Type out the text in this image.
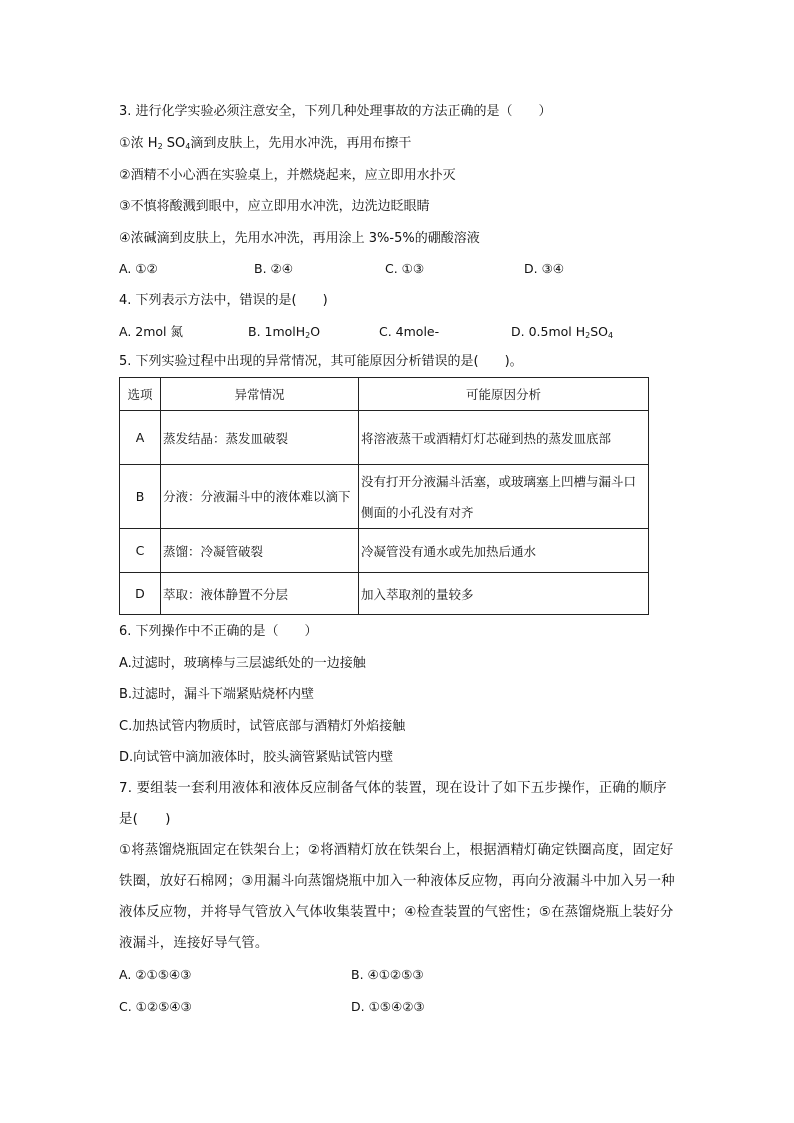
3. 进行化学实验必须注意安全，下列几种处理事故的方法正确的是（　　）
①浓 $H_2$ $SO_4$滴到皮肤上，先用水冲洗，再用布擦干
②酒精不小心洒在实验桌上，并燃烧起来，应立即用水扑灭
③不慎将酸溅到眼中，应立即用水冲洗，边洗边眨眼睛
④浓碱滴到皮肤上，先用水冲洗，再用涂上 3%-5%的硼酸溶液
A. ①②	B. ②④	C. ①③	D. ③④
4. 下列表示方法中，错误的是(　　)
A. 2mol 氮	B. 1molH$_2$O	C. 4mole-	D. 0.5mol $H_2SO_4$
5. 下列实验过程中出现的异常情况，其可能原因分析错误的是(　　)。
选项	异常情况	可能原因分析
A	蒸发结晶：蒸发皿破裂	将溶液蒸干或酒精灯灯芯碰到热的蒸发皿底部
B	分液：分液漏斗中的液体难以滴下	没有打开分液漏斗活塞，或玻璃塞上凹槽与漏斗口侧面的小孔没有对齐
C	蒸馏：冷凝管破裂	冷凝管没有通水或先加热后通水
D	萃取：液体静置不分层	加入萃取剂的量较多
6. 下列操作中不正确的是（　　）
A.过滤时，玻璃棒与三层滤纸处的一边接触
B.过滤时，漏斗下端紧贴烧杯内壁
C.加热试管内物质时，试管底部与酒精灯外焰接触
D.向试管中滴加液体时，胶头滴管紧贴试管内壁
7. 要组装一套利用液体和液体反应制备气体的装置，现在设计了如下五步操作，正确的顺序是(　　)
①将蒸馏烧瓶固定在铁架台上；②将酒精灯放在铁架台上，根据酒精灯确定铁圈高度，固定好铁圈，放好石棉网；③用漏斗向蒸馏烧瓶中加入一种液体反应物，再向分液漏斗中加入另一种液体反应物，并将导气管放入气体收集装置中；④检查装置的气密性；⑤在蒸馏烧瓶上装好分液漏斗，连接好导气管。
A. ②①⑤④③	B. ④①②⑤③
C. ①②⑤④③	D. ①⑤④②③
